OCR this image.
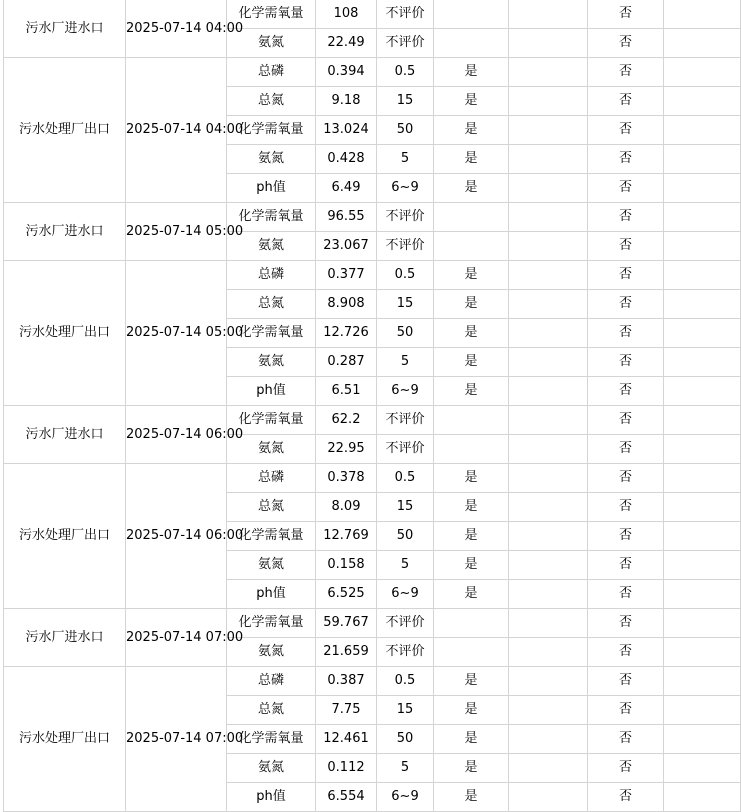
污水厂进水口	2025-07-14 04:00	化学需氧量	108	不评价			否	
		氨氮	22.49	不评价			否	
污水处理厂出口	2025-07-14 04:00	总磷	0.394	0.5	是		否	
		总氮	9.18	15	是		否	
		化学需氧量	13.024	50	是		否	
		氨氮	0.428	5	是		否	
		ph值	6.49	6~9	是		否	
污水厂进水口	2025-07-14 05:00	化学需氧量	96.55	不评价			否	
		氨氮	23.067	不评价			否	
污水处理厂出口	2025-07-14 05:00	总磷	0.377	0.5	是		否	
		总氮	8.908	15	是		否	
		化学需氧量	12.726	50	是		否	
		氨氮	0.287	5	是		否	
		ph值	6.51	6~9	是		否	
污水厂进水口	2025-07-14 06:00	化学需氧量	62.2	不评价			否	
		氨氮	22.95	不评价			否	
污水处理厂出口	2025-07-14 06:00	总磷	0.378	0.5	是		否	
		总氮	8.09	15	是		否	
		化学需氧量	12.769	50	是		否	
		氨氮	0.158	5	是		否	
		ph值	6.525	6~9	是		否	
污水厂进水口	2025-07-14 07:00	化学需氧量	59.767	不评价			否	
		氨氮	21.659	不评价			否	
污水处理厂出口	2025-07-14 07:00	总磷	0.387	0.5	是		否	
		总氮	7.75	15	是		否	
		化学需氧量	12.461	50	是		否	
		氨氮	0.112	5	是		否	
		ph值	6.554	6~9	是		否	
